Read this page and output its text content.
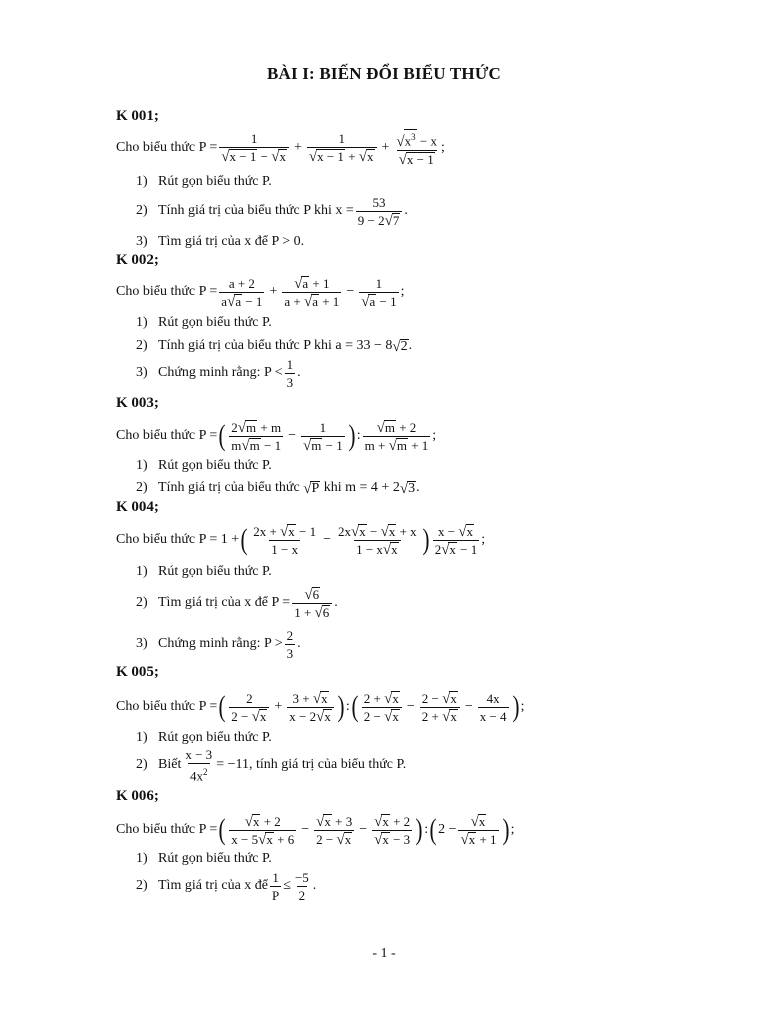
BÀI I: BIẾN ĐỔI BIỂU THỨC
K 001;
Cho biểu thức $P = \frac{1}{√ x - 1 - √ x} + \frac{1}{√ x - 1 + √ x} + \frac{√ x^3 - x}{√ x - 1}$ ;
1) Rút gọn biểu thức P.
2) Tính giá trị của biểu thức P khi $x = \frac{53}{9 - 2 √ 7}$ .
3) Tìm giá trị của x để P > 0.
K 002;
Cho biểu thức $P = \frac{a + 2}{a √ a - 1} + \frac{√ a + 1}{a + √ a + 1} - \frac{1}{√ a - 1}$ ;
1) Rút gọn biểu thức P.
2) Tính giá trị của biểu thức P khi a = 33 − 8 √ 2 .
3) Chứng minh rằng: $P < \frac{1}{3}$ .
K 003;
Cho biểu thức P = ( $\frac{2 √ m + m}{m √ m - 1} - \frac{1}{√ m - 1}$ ) : $\frac{√ m + 2}{m + √ m + 1}$ ;
1) Rút gọn biểu thức P.
2) Tính giá trị của biểu thức
√ P
khi m = 4 + 2 √ 3 .
K 004;
Cho biểu thức P = 1 + ( $\frac{2x + √ x - 1}{1 - x} - \frac{2x √ x - √ x + x}{1 - x √ x}$ ) $\frac{x - √ x}{2 √ x - 1}$ ;
1) Rút gọn biểu thức P.
2) Tìm giá trị của x để $P = \frac{√ 6}{1 + √ 6}$ .
3) Chứng minh rằng: $P > \frac{2}{3}$ .
K 005;
Cho biểu thức P = ( $\frac{2}{2 - √ x} + \frac{3 + √ x}{x - 2 √ x}$ ) : ( $\frac{2 + √ x}{2 - √ x} - \frac{2 - √ x}{2 + √ x} - \frac{4x}{x - 4}$ ) ;
1) Rút gọn biểu thức P.
2) Biết $\frac{x - 3}{4x^2} = -11$, tính giá trị của biểu thức P.
K 006;
Cho biểu thức P = ( $\frac{√ x + 2}{x - 5 √ x + 6} - \frac{√ x + 3}{2 - √ x} - \frac{√ x + 2}{√ x - 3}$ ) : ( $2 - \frac{√ x}{√ x + 1}$ ) ;
1) Rút gọn biểu thức P.
2) Tìm giá trị của x để $\frac{1}{P} \le \frac{-5}{2}$ .
- 1 -
